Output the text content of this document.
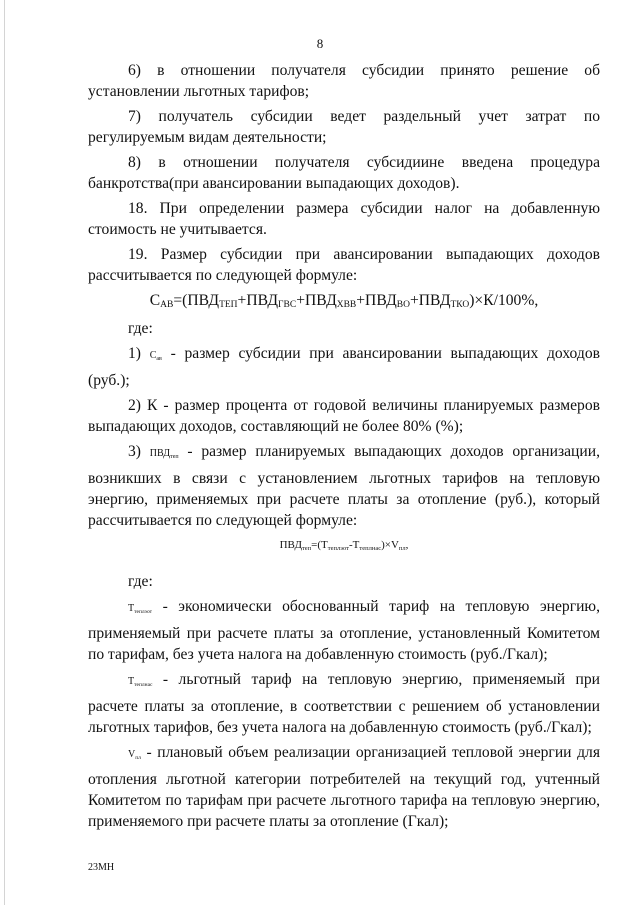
8

6) в отношении получателя субсидии принято решение об установлении льготных тарифов;

7) получатель субсидии ведет раздельный учет затрат по регулируемым видам деятельности;

8) в отношении получателя субсидиине введена процедура банкротства(при авансировании выпадающих доходов).

18. При определении размера субсидии налог на добавленную стоимость не учитывается.

19. Размер субсидии при авансировании выпадающих доходов рассчитывается по следующей формуле:

$С_{АВ}=(ПВД_{ТЕП}+ПВД_{ГВС}+ПВД_{ХВВ}+ПВД_{ВО}+ПВД_{ТКО})\times К/100\%$,

где:

1) $С_{ав}$ - размер субсидии при авансировании выпадающих доходов (руб.);

2) К - размер процента от годовой величины планируемых размеров выпадающих доходов, составляющий не более 80% (%);

3) $ПВД_{теп}$ - размер планируемых выпадающих доходов организации, возникших в связи с установлением льготных тарифов на тепловую энергию, применяемых при расчете платы за отопление (руб.), который рассчитывается по следующей формуле:

$ПВД_{теп}=(Т_{теплэот}-Т_{теплнас})\times V_{пл}$,

где:

$Т_{теплэот}$ - экономически обоснованный тариф на тепловую энергию, применяемый при расчете платы за отопление, установленный Комитетом по тарифам, без учета налога на добавленную стоимость (руб./Гкал);

$Т_{теплнас}$ - льготный тариф на тепловую энергию, применяемый при расчете платы за отопление, в соответствии с решением об установлении льготных тарифов, без учета налога на добавленную стоимость (руб./Гкал);

$V_{пл}$ - плановый объем реализации организацией тепловой энергии для отопления льготной категории потребителей на текущий год, учтенный Комитетом по тарифам при расчете льготного тарифа на тепловую энергию, применяемого при расчете платы за отопление (Гкал);

23МН
